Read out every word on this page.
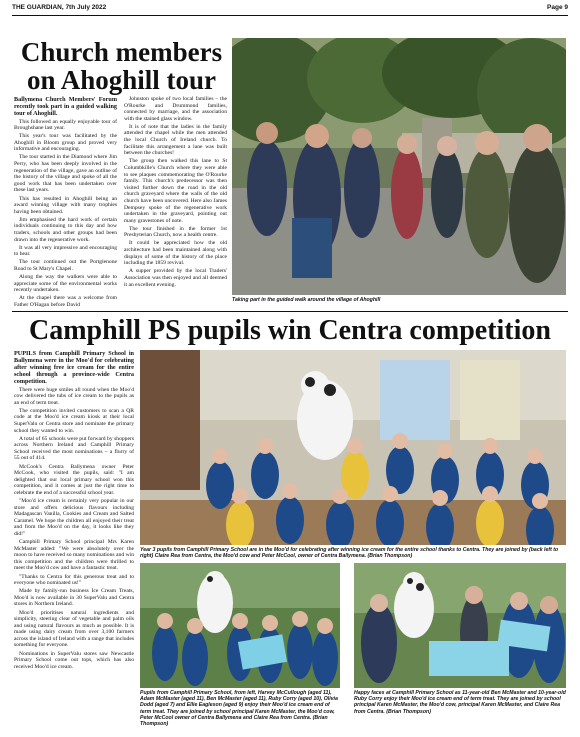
THE GUARDIAN, 7th July 2022	Page 9
Church members
on Ahoghill tour

Ballymena Church Members' Forum recently took part in a guided walking tour of Ahoghill.

This followed an equally enjoyable tour of Broughshane last year.

This year's tour was facilitated by the Ahoghill in Bloom group and proved very informative and encouraging.

The tour started in the Diamond where Jim Perry, who has been deeply involved in the regeneration of the village, gave an outline of the history of the village and spoke of all the good work that has been undertaken over these last years.

This has resulted in Ahoghill being an award winning village with many trophies having been obtained.

Jim emphasised the hard work of certain individuals continuing to this day and how traders, schools and other groups had been drawn into the regenerative work.

It was all very impressive and encouraging to hear.

The tour continued out the Portglenone Road to St Mary's Chapel.

Along the way the walkers were able to appreciate some of the environmental works recently undertaken.

At the chapel there was a welcome from Father O'Hagan before David

Johnston spoke of two local families – the O'Rourke and Drummond families, connected by marriage, and the association with the stained glass window.

It is of note that the ladies in the family attended the chapel while the men attended the local Church of Ireland church. To facilitate this arrangement a lane was built between the churches!

The group then walked this lane to St Columbkille's Church where they were able to see plaques commemorating the O'Rourke family. This church's predecessor was then visited further down the road in the old church graveyard where the walls of the old church have been uncovered. Here also James Dempsey spoke of the regenerative work undertaken in the graveyard, pointing out many gravestones of note.

The tour finished in the former 1st Presbyterian Church, now a health centre.

It could be appreciated how the old architecture had been maintained along with displays of some of the history of the place including the 1859 revival.

A supper provided by the local Traders' Association was then enjoyed and all deemed it an excellent evening.

Taking part in the guided walk around the village of Ahoghill
Camphill PS pupils win Centra competition

PUPILS from Camphill Primary School in Ballymena were in the Moo'd for celebrating after winning free ice cream for the entire school through a province-wide Centra competition.

There were huge smiles all round when the Moo'd cow delivered the tubs of ice cream to the pupils as an end of term treat.

The competition invited customers to scan a QR code at the Moo'd ice cream kiosk at their local SuperValu or Centra store and nominate the primary school they wanted to win.

A total of 65 schools were put forward by shoppers across Northern Ireland and Camphill Primary School received the most nominations – a flurry of 55 out of 414.

McCook's Centra Ballymena owner Peter McCook, who visited the pupils, said: "I am delighted that our local primary school won this competition, and it comes at just the right time to celebrate the end of a successful school year.

"Moo'd ice cream is certainly very popular in our store and offers delicious flavours including Madagascan Vanilla, Cookies and Cream and Salted Caramel. We hope the children all enjoyed their treat and from the Moo'd on the day, it looks like they did!"

Camphill Primary School principal Mrs Karen McMaster added: "We were absolutely over the moon to have received so many nominations and win this competition and the children were thrilled to meet the Moo'd cow and have a fantastic treat.

"Thanks to Centra for this generous treat and to everyone who nominated us!"

Made by family-run business Ice Cream Treats, Moo'd is now available in 30 SuperValu and Centra stores in Northern Ireland.

Moo'd prioritises natural ingredients and simplicity, steering clear of vegetable and palm oils and using natural flavours as much as possible. It is made using dairy cream from over 3,100 farmers across the island of Ireland with a range that includes something for everyone.

Nominations in SuperValu stores saw Newcastle Primary School come out tops, which has also received Moo'd ice cream.

Year 3 pupils from Camphill Primary School are in the Moo'd for celebrating after winning ice cream for the entire school thanks to Centra. They are joined by (back left to right) Claire Rea from Centra, the Moo'd cow and Peter McCool, owner of Centra Ballymena. (Brian Thompson)
Pupils from Camphill Primary School, from left, Harvey McCullough (aged 11), Adam McMaster (aged 11), Ben McMaster (aged 11), Ruby Corry (aged 10), Olivia Dodd (aged 7) and Ellie Eagleson (aged 9) enjoy their Moo'd ice cream end of term treat. They are joined by school principal Karen McMaster, the Moo'd cow, Peter McCool owner of Centra Ballymena and Claire Rea from Centra. (Brian Thompson)
Happy faces at Camphill Primary School as 11-year-old Ben McMaster and 10-year-old Ruby Corry enjoy their Moo'd ice cream end of term treat. They are joined by school principal Karen McMaster, the Moo'd cow, principal Karen McMaster, and Claire Rea from Centra. (Brian Thompson)
